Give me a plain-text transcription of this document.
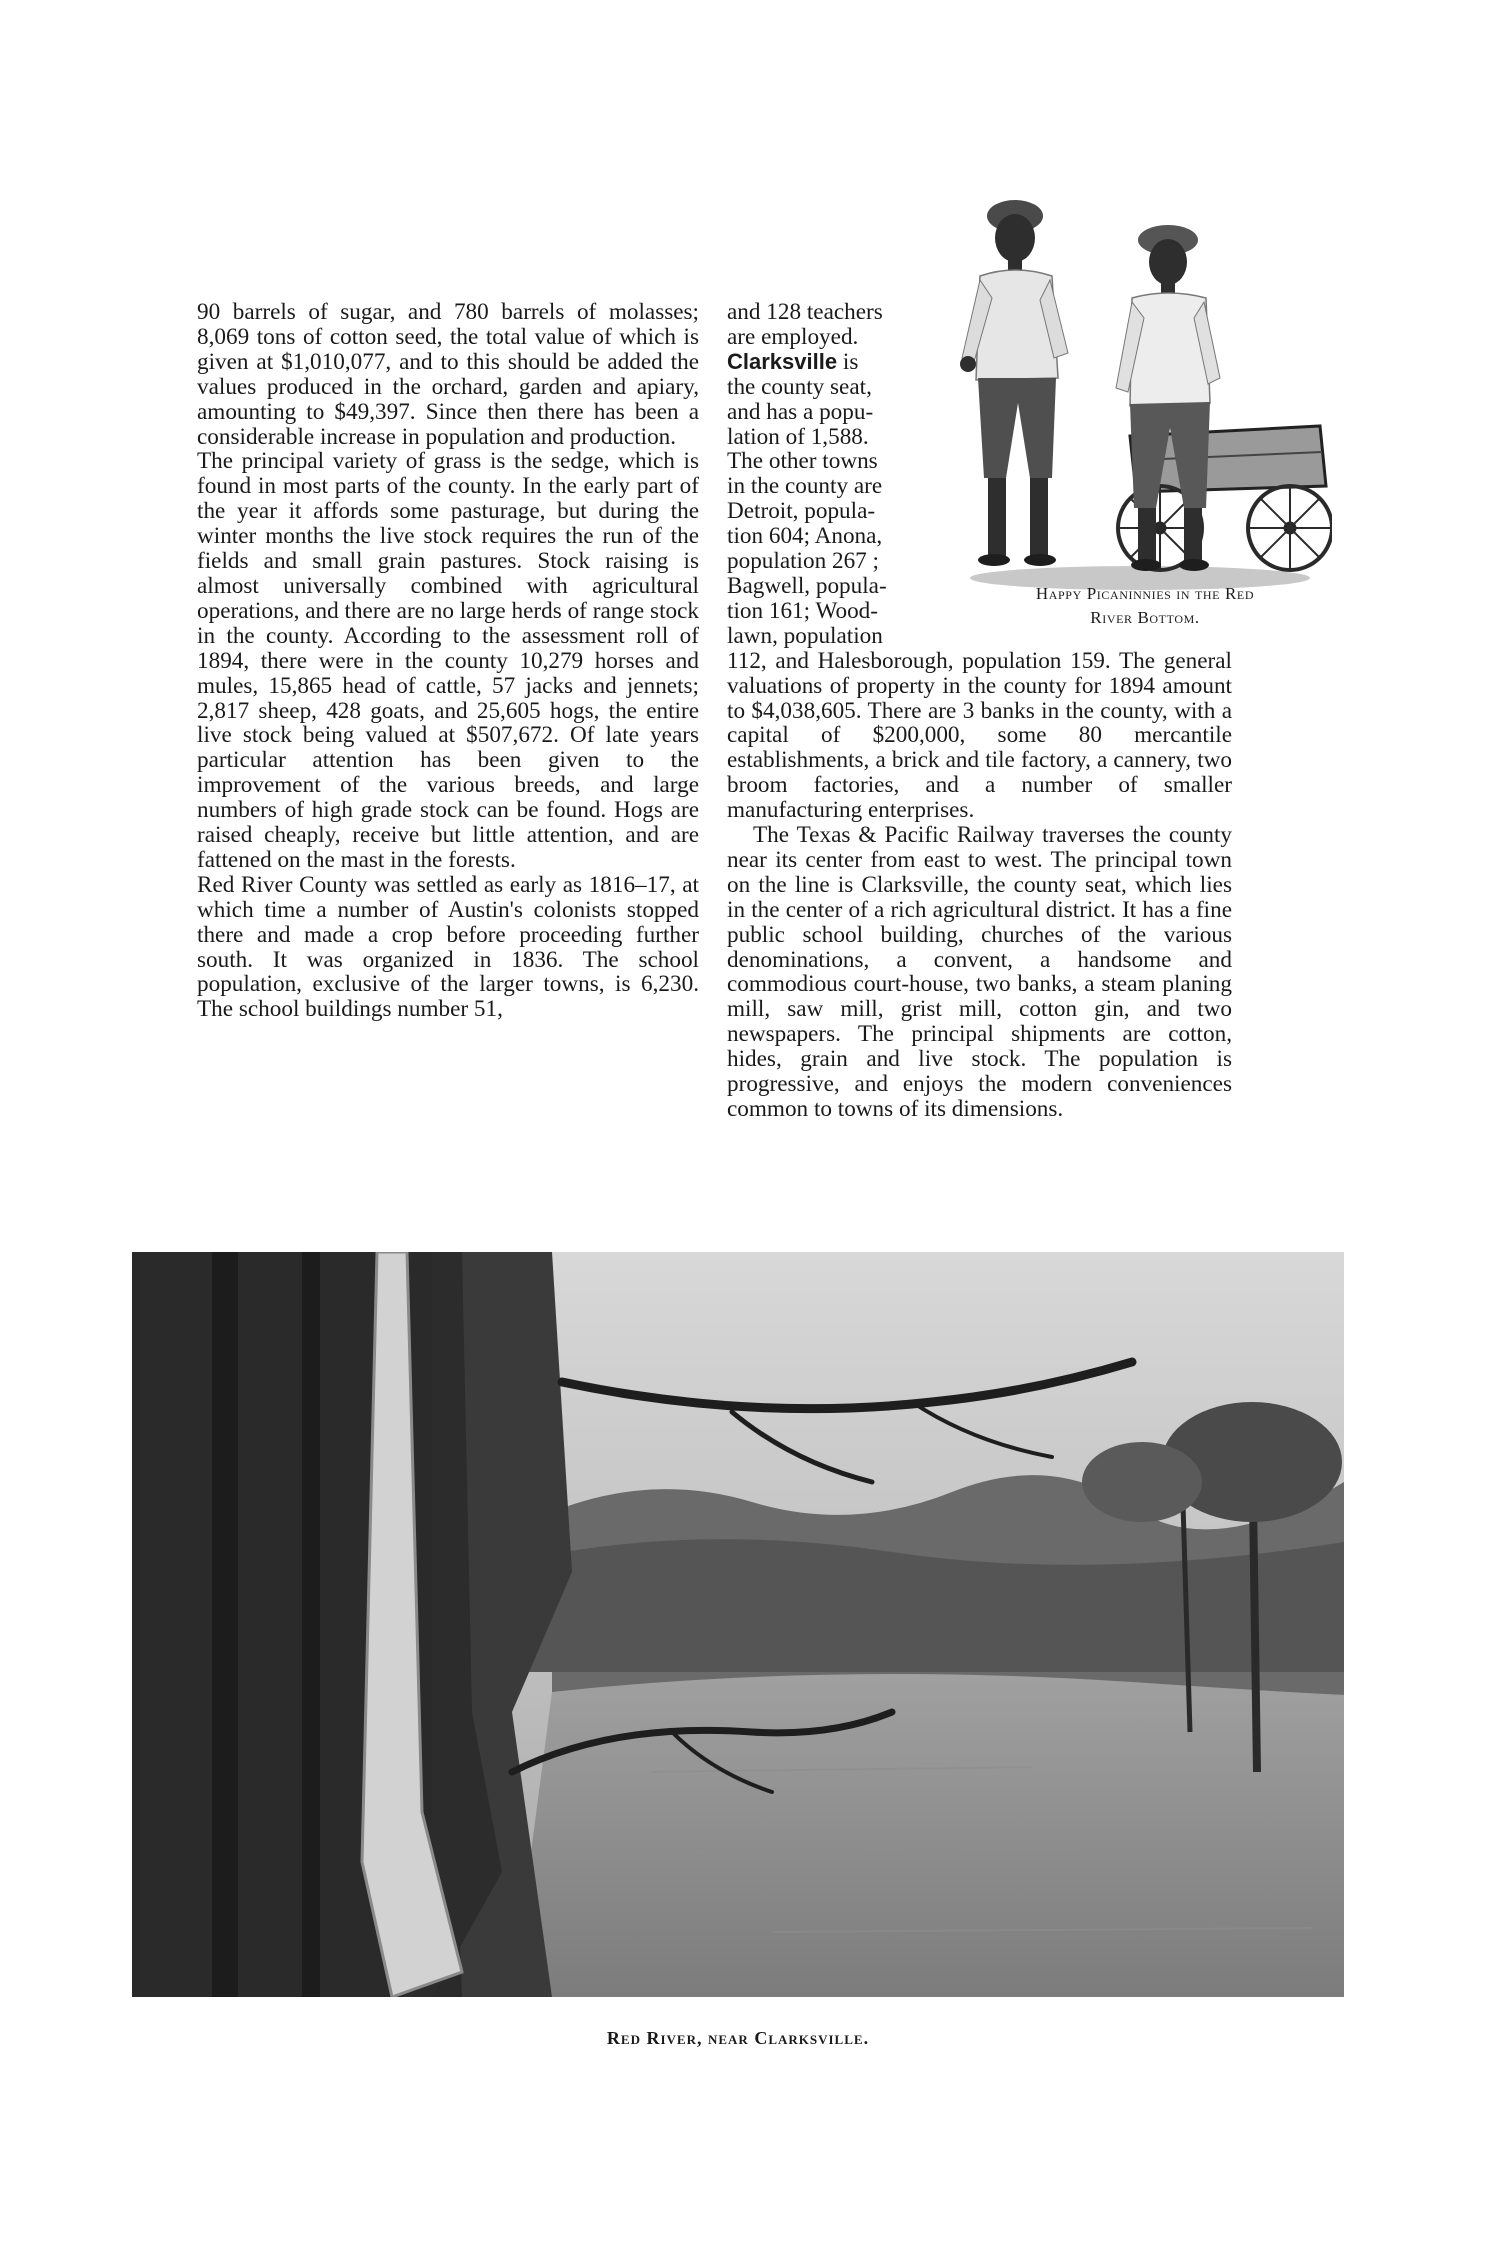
90 barrels of sugar, and 780 barrels of molasses; 8,069 tons of cotton seed, the total value of which is given at $1,010,077, and to this should be added the values produced in the orchard, garden and apiary, amounting to $49,397. Since then there has been a considerable increase in population and production.

The principal variety of grass is the sedge, which is found in most parts of the county. In the early part of the year it affords some pasturage, but during the winter months the live stock requires the run of the fields and small grain pastures. Stock raising is almost universally combined with agricultural operations, and there are no large herds of range stock in the county. According to the assessment roll of 1894, there were in the county 10,279 horses and mules, 15,865 head of cattle, 57 jacks and jennets; 2,817 sheep, 428 goats, and 25,605 hogs, the entire live stock being valued at $507,672. Of late years particular attention has been given to the improvement of the various breeds, and large numbers of high grade stock can be found. Hogs are raised cheaply, receive but little attention, and are fattened on the mast in the forests.

Red River County was settled as early as 1816–17, at which time a number of Austin's colonists stopped there and made a crop before proceeding further south. It was organized in 1836. The school population, exclusive of the larger towns, is 6,230. The school buildings number 51,

and 128 teachers
are employed.
Clarksville is
the county seat,
and has a popu-
lation of 1,588.
The other towns
in the county are
Detroit, popula-
tion 604; Anona,
population 267 ;
Bagwell, popula-
tion 161; Wood-
lawn, population

112, and Halesborough, population 159. The general valuations of property in the county for 1894 amount to $4,038,605. There are 3 banks in the county, with a capital of $200,000, some 80 mercantile establishments, a brick and tile factory, a cannery, two broom factories, and a number of smaller manufacturing enterprises.

The Texas & Pacific Railway traverses the county near its center from east to west. The principal town on the line is Clarksville, the county seat, which lies in the center of a rich agricultural district. It has a fine public school building, churches of the various denominations, a convent, a handsome and commodious court-house, two banks, a steam planing mill, saw mill, grist mill, cotton gin, and two newspapers. The principal shipments are cotton, hides, grain and live stock. The population is progressive, and enjoys the modern conveniences common to towns of its dimensions.

Happy Picaninnies in the Red
River Bottom.
Red River, near Clarksville.
